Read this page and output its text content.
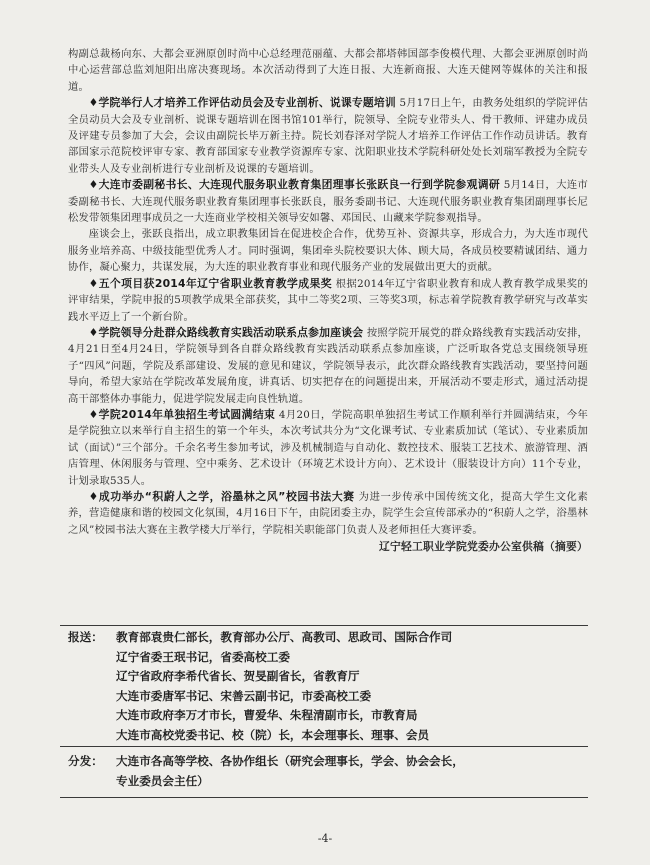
构副总裁杨向东、大都会亚洲原创时尚中心总经理范丽蕴、大都会都塔韩国部李俊模代理、大都会亚洲原创时尚中心运营部总监刘旭阳出席决赛现场。本次活动得到了大连日报、大连新商报、大连天健网等媒体的关注和报道。

♦学院举行人才培养工作评估动员会及专业剖析、说课专题培训 5月17日上午，由教务处组织的学院评估全员动员大会及专业剖析、说课专题培训在图书馆101举行，院领导、全院专业带头人、骨干教师、评建办成员及评建专员参加了大会，会议由副院长毕万新主持。院长刘春泽对学院人才培养工作评估工作作动员讲话。教育部国家示范院校评审专家、教育部国家专业教学资源库专家、沈阳职业技术学院科研处处长刘瑞军教授为全院专业带头人及专业剖析进行专业剖析及说课的专题培训。

♦大连市委副秘书长、大连现代服务职业教育集团理事长张跃良一行到学院参观调研 5月14日，大连市委副秘书长、大连现代服务职业教育集团理事长张跃良，服务委副书记、大连现代服务职业教育集团副理事长尼松发带领集团理事成员之一大连商业学校相关领导安如馨、邓国民、山藏来学院参观指导。

座谈会上，张跃良指出，成立职教集团旨在促进校企合作，优势互补、资源共享，形成合力，为大连市现代服务业培养高、中级技能型优秀人才。同时强调，集团牵头院校要识大体、顾大局，各成员校要精诚团结、通力协作，凝心聚力，共谋发展，为大连的职业教育事业和现代服务产业的发展做出更大的贡献。

♦五个项目获2014年辽宁省职业教育教学成果奖 根据2014年辽宁省职业教育和成人教育教学成果奖的评审结果，学院申报的5项教学成果全部获奖，其中二等奖2项、三等奖3项，标志着学院教育教学研究与改革实践水平迈上了一个新台阶。

♦学院领导分赴群众路线教育实践活动联系点参加座谈会 按照学院开展党的群众路线教育实践活动安排，4月21日至4月24日，学院领导到各自群众路线教育实践活动联系点参加座谈，广泛听取各党总支围绕领导班子“四风”问题，学院及系部建设、发展的意见和建议，学院领导表示，此次群众路线教育实践活动，要坚持问题导向，希望大家站在学院改革发展角度，讲真话、切实把存在的问题提出来，开展活动不要走形式，通过活动提高干部整体办事能力，促进学院发展走向良性轨道。

♦学院2014年单独招生考试圆满结束 4月20日，学院高职单独招生考试工作顺利举行并圆满结束，今年是学院独立以来举行自主招生的第一个年头，本次考试共分为“文化课考试、专业素质加试（笔试）、专业素质加试（面试）”三个部分。千余名考生参加考试，涉及机械制造与自动化、数控技术、服装工艺技术、旅游管理、酒店管理、休闲服务与管理、空中乘务、艺术设计（环境艺术设计方向）、艺术设计（服装设计方向）11个专业，计划录取535人。

♦成功举办“积蔚人之学，浴墨林之风”校园书法大赛 为进一步传承中国传统文化，提高大学生文化素养，营造健康和谐的校园文化氛围，4月16日下午，由院团委主办，院学生会宣传部承办的“积蔚人之学，浴墨林之风”校园书法大赛在主教学楼大厅举行，学院相关职能部门负责人及老师担任大赛评委。

辽宁轻工职业学院党委办公室供稿（摘要）
报送：	教育部袁贵仁部长，教育部办公厅、高教司、思政司、国际合作司
辽宁省委王珉书记，省委高校工委
辽宁省政府李希代省长、贺旻副省长，省教育厅
大连市委唐军书记、宋善云副书记，市委高校工委
大连市政府李万才市长，曹爱华、朱程清副市长，市教育局
大连市高校党委书记、校（院）长，本会理事长、理事、会员
分发：	大连市各高等学校、各协作组长（研究会理事长，学会、协会会长，
专业委员会主任）
-4-
